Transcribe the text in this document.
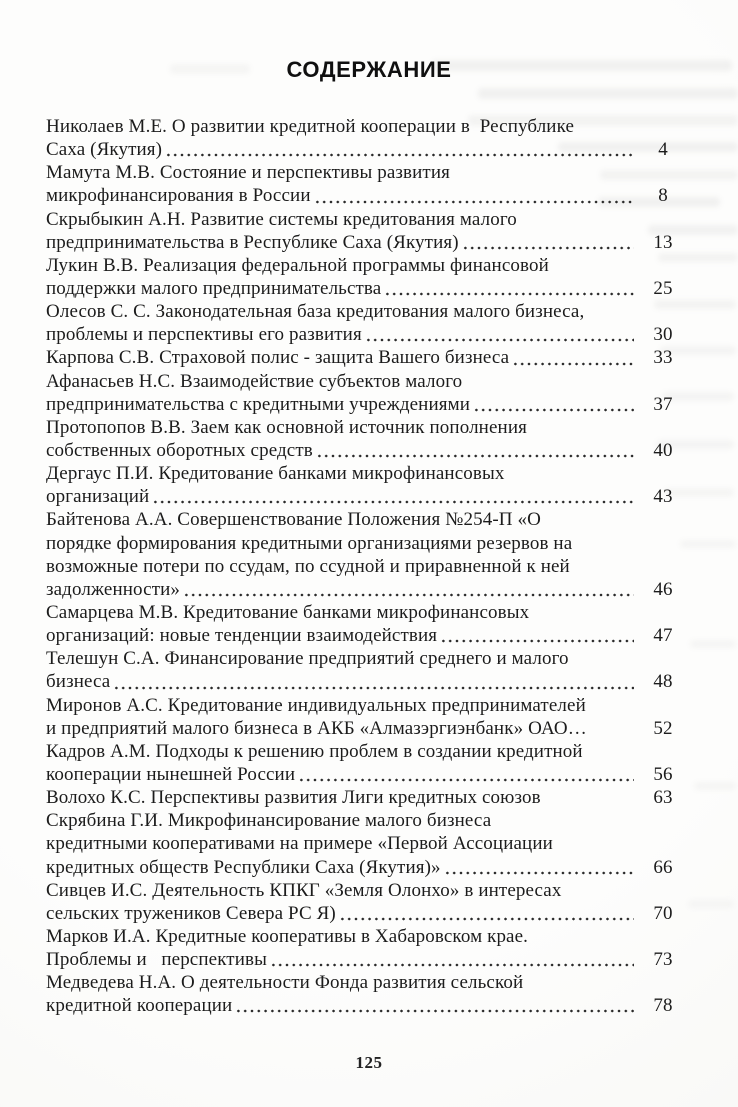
СОДЕРЖАНИЕ
Николаев М.Е. О развитии кредитной кооперации в  Республике
Саха (Якутия)	4
Мамута М.В. Состояние и перспективы развития
микрофинансирования в России	8
Скрыбыкин А.Н. Развитие системы кредитования малого
предпринимательства в Республике Саха (Якутия)	13
Лукин В.В. Реализация федеральной программы финансовой
поддержки малого предпринимательства	25
Олесов С. С. Законодательная база кредитования малого бизнеса,
проблемы и перспективы его развития	30
Карпова С.В. Страховой полис - защита Вашего бизнеса	33
Афанасьев Н.С. Взаимодействие субъектов малого
предпринимательства с кредитными учреждениями	37
Протопопов В.В. Заем как основной источник пополнения
собственных оборотных средств	40
Дергаус П.И. Кредитование банками микрофинансовых
организаций	43
Байтенова А.А. Совершенствование Положения №254-П «О
порядке формирования кредитными организациями резервов на
возможные потери по ссудам, по ссудной и приравненной к ней
задолженности»	46
Самарцева М.В. Кредитование банками микрофинансовых
организаций: новые тенденции взаимодействия	47
Телешун С.А. Финансирование предприятий среднего и малого
бизнеса	48
Миронов А.С. Кредитование индивидуальных предпринимателей
и предприятий малого бизнеса в АКБ «Алмазэргиэнбанк» ОАО…	52
Кадров А.М. Подходы к решению проблем в создании кредитной
кооперации нынешней России	56
Волохо К.С. Перспективы развития Лиги кредитных союзов	63
Скрябина Г.И. Микрофинансирование малого бизнеса
кредитными кооперативами на примере «Первой Ассоциации
кредитных обществ Республики Саха (Якутия)»	66
Сивцев И.С. Деятельность КПКГ «Земля Олонхо» в интересах
сельских тружеников Севера РС Я)	70
Марков И.А. Кредитные кооперативы в Хабаровском крае.
Проблемы и   перспективы	73
Медведева Н.А. О деятельности Фонда развития сельской
кредитной кооперации	78
125
